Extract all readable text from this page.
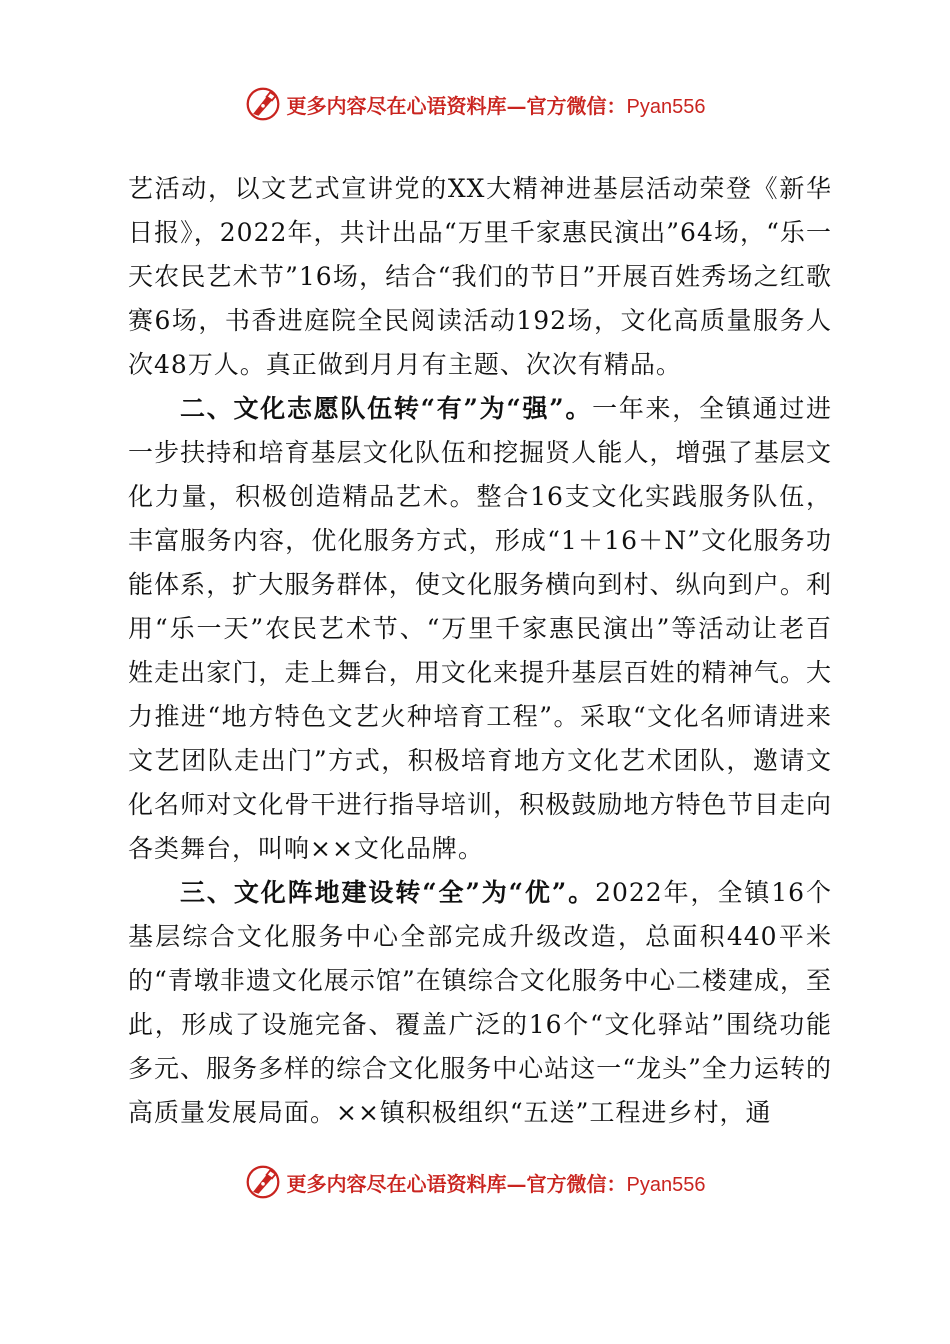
更多内容尽在心语资料库—官方微信：Pyan556

艺活动，以文艺式宣讲党的XX大精神进基层活动荣登《新华日报》，2022年，共计出品“万里千家惠民演出”64场，“乐一天农民艺术节”16场，结合“我们的节日”开展百姓秀场之红歌赛6场，书香进庭院全民阅读活动192场，文化高质量服务人次48万人。真正做到月月有主题、次次有精品。

二、文化志愿队伍转“有”为“强”。一年来，全镇通过进一步扶持和培育基层文化队伍和挖掘贤人能人，增强了基层文化力量，积极创造精品艺术。整合16支文化实践服务队伍，丰富服务内容，优化服务方式，形成“1＋16＋N”文化服务功能体系，扩大服务群体，使文化服务横向到村、纵向到户。利用“乐一天”农民艺术节、“万里千家惠民演出”等活动让老百姓走出家门，走上舞台，用文化来提升基层百姓的精神气。大力推进“地方特色文艺火种培育工程”。采取“文化名师请进来文艺团队走出门”方式，积极培育地方文化艺术团队，邀请文化名师对文化骨干进行指导培训，积极鼓励地方特色节目走向各类舞台，叫响××文化品牌。

三、文化阵地建设转“全”为“优”。2022年，全镇16个基层综合文化服务中心全部完成升级改造，总面积440平米的“青墩非遗文化展示馆”在镇综合文化服务中心二楼建成，至此，形成了设施完备、覆盖广泛的16个“文化驿站”围绕功能多元、服务多样的综合文化服务中心站这一“龙头”全力运转的高质量发展局面。××镇积极组织“五送”工程进乡村，通

更多内容尽在心语资料库—官方微信：Pyan556
